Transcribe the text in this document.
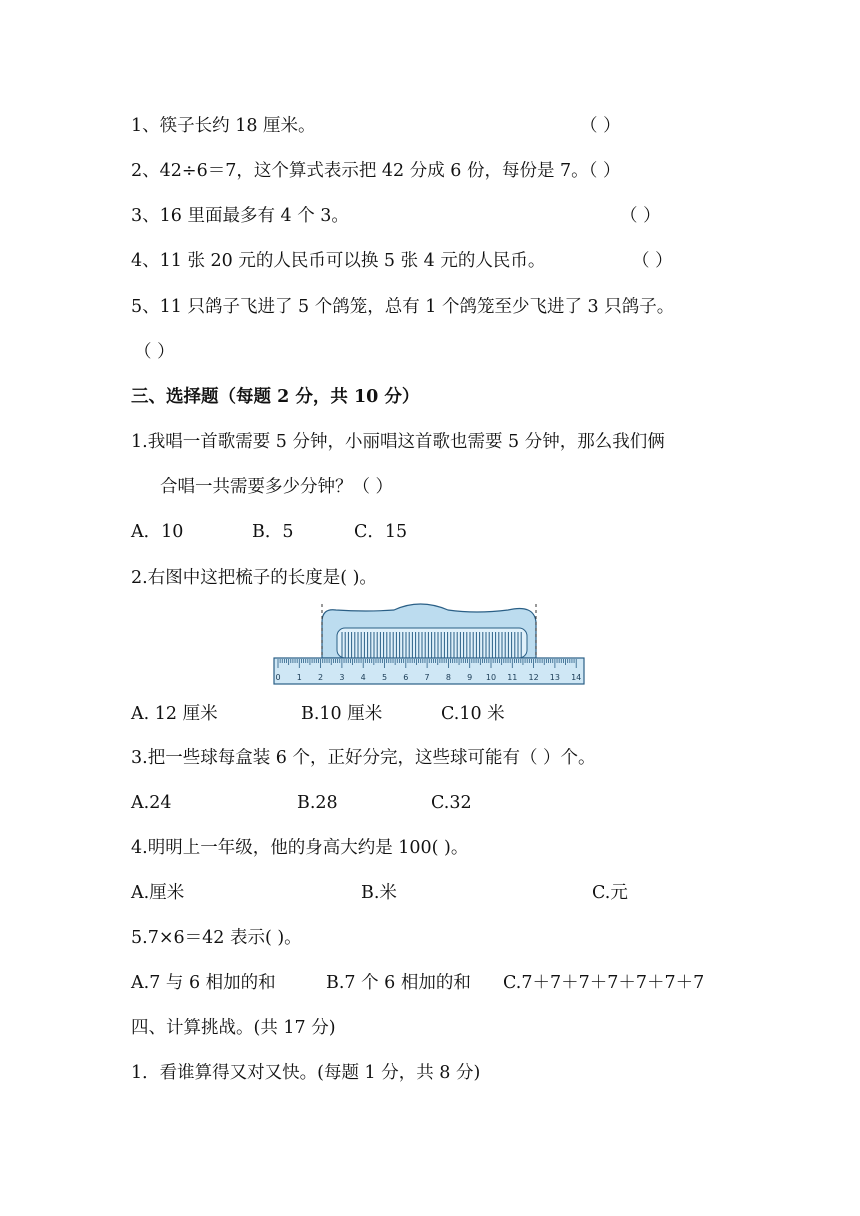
1、筷子长约 18 厘米。	（ ）
2、42÷6＝7，这个算式表示把 42 分成 6 份，每份是 7。（ ）
3、16 里面最多有 4 个 3。	（ ）
4、11 张 20 元的人民币可以换 5 张 4 元的人民币。	（ ）
5、11 只鸽子飞进了 5 个鸽笼，总有 1 个鸽笼至少飞进了 3 只鸽子。
（ ）
三、选择题（每题 2 分，共 10 分）
1.我唱一首歌需要 5 分钟，小丽唱这首歌也需要 5 分钟，那么我们俩
合唱一共需要多少分钟？（ ）
A．10	B．5	C．15
2.右图中这把梳子的长度是( )。
0 1 2 3 4 5 6 7 8 9 10 11 12 13 14
A. 12 厘米	B.10 厘米	C.10 米
3.把一些球每盒装 6 个，正好分完，这些球可能有（ ）个。
A.24	B.28	C.32
4.明明上一年级，他的身高大约是 100( )。
A.厘米	B.米	C.元
5.7×6＝42 表示( )。
A.7 与 6 相加的和	B.7 个 6 相加的和 C.7＋7＋7＋7＋7＋7＋7
四、计算挑战。(共 17 分)
1．看谁算得又对又快。(每题 1 分，共 8 分)
